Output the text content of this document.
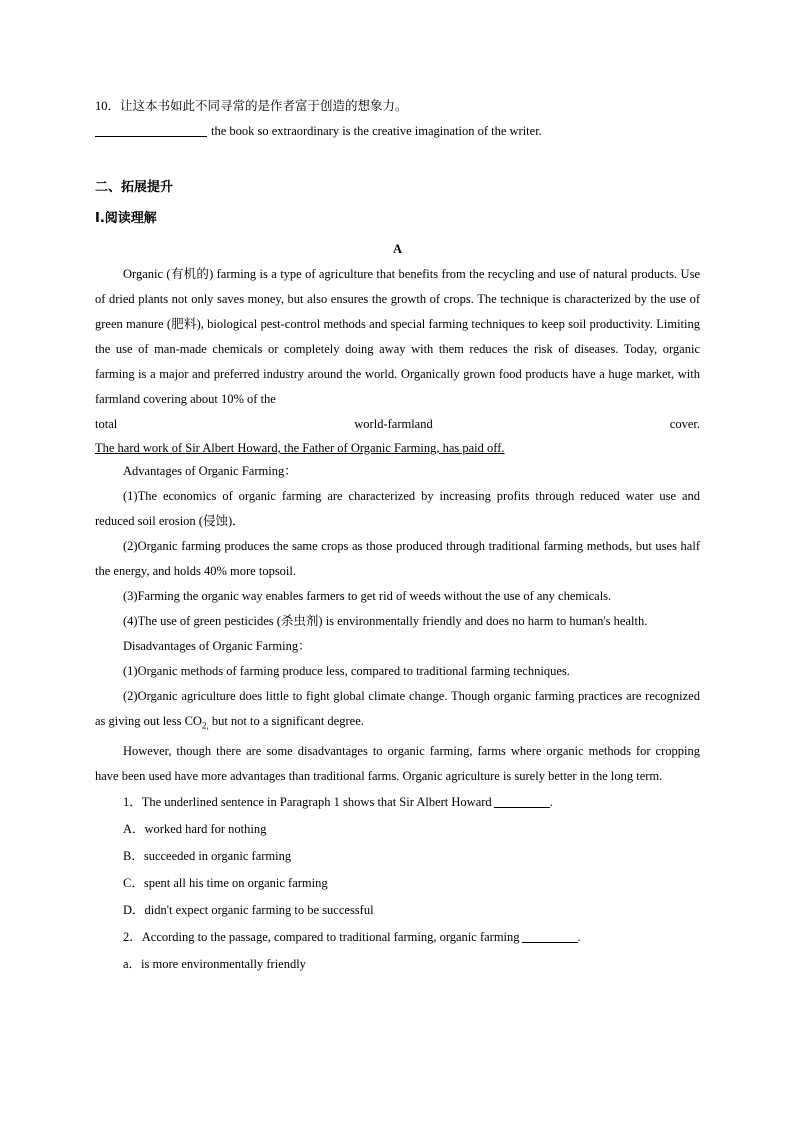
10．让这本书如此不同寻常的是作者富于创造的想象力。
the book so extraordinary is the creative imagination of the writer.
二、拓展提升
I.阅读理解
A
Organic (有机的) farming is a type of agriculture that benefits from the recycling and use of natural products. Use of dried plants not only saves money, but also ensures the growth of crops. The technique is characterized by the use of green manure (肥料), biological pest-control methods and special farming techniques to keep soil productivity. Limiting the use of man-made chemicals or completely doing away with them reduces the risk of diseases. Today, organic farming is a major and preferred industry around the world. Organically grown food products have a huge market, with farmland covering about 10% of the
total	world-farmland	cover.
The hard work of Sir Albert Howard, the Father of Organic Farming, has paid off.
Advantages of Organic Farming：
(1)The economics of organic farming are characterized by increasing profits through reduced water use and reduced soil erosion (侵蚀)．
(2)Organic farming produces the same crops as those produced through traditional farming methods, but uses half the energy, and holds 40% more topsoil.
(3)Farming the organic way enables farmers to get rid of weeds without the use of any chemicals.
(4)The use of green pesticides (杀虫剂) is environmentally friendly and does no harm to human's health.
Disadvantages of Organic Farming：
(1)Organic methods of farming produce less, compared to traditional farming techniques.
(2)Organic agriculture does little to fight global climate change. Though organic farming practices are recognized as giving out less $CO_{2,}$ but not to a significant degree.
However, though there are some disadvantages to organic farming, farms where organic methods for cropping have been used have more advantages than traditional farms. Organic agriculture is surely better in the long term.
1．The underlined sentence in Paragraph 1 shows that Sir Albert Howard	.
A．worked hard for nothing
B．succeeded in organic farming
C．spent all his time on organic farming
D．didn't expect organic farming to be successful
2．According to the passage, compared to traditional farming, organic farming	.
a．is more environmentally friendly
